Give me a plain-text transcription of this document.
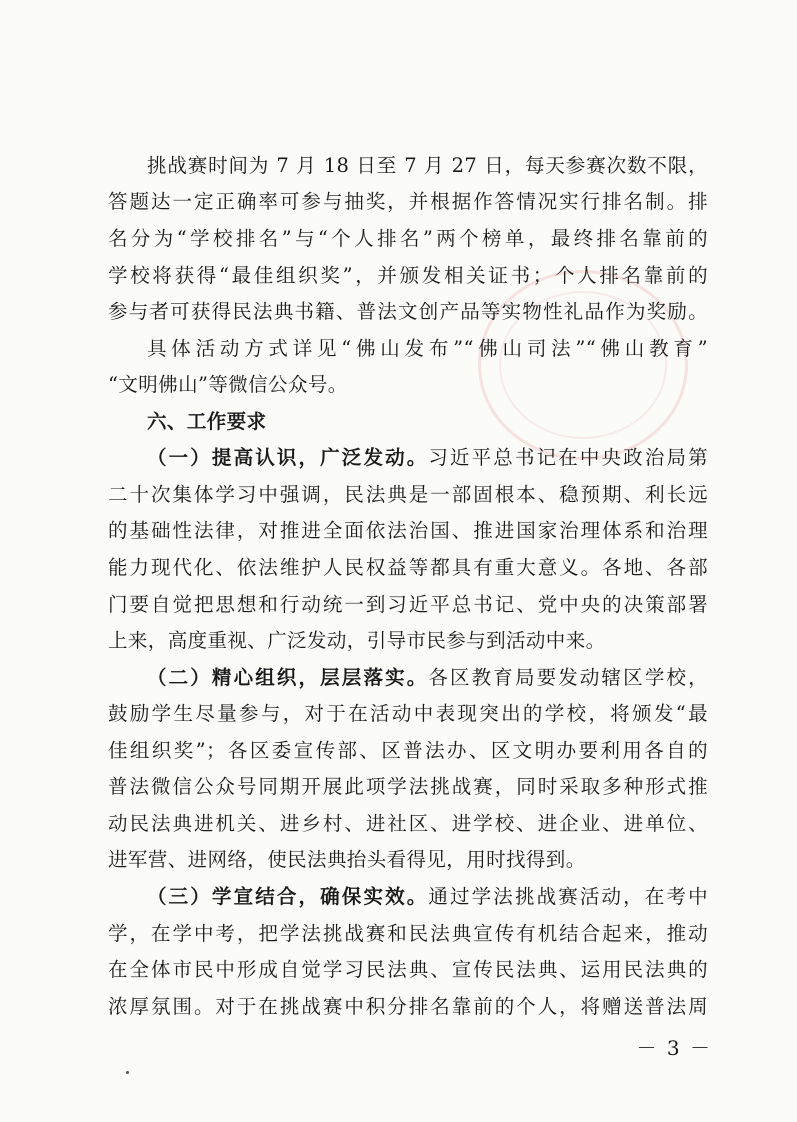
挑战赛时间为 7 月 18 日至 7 月 27 日，每天参赛次数不限，
答题达一定正确率可参与抽奖，并根据作答情况实行排名制。排
名分为“学校排名”与“个人排名”两个榜单，最终排名靠前的
学校将获得“最佳组织奖”，并颁发相关证书；个人排名靠前的
参与者可获得民法典书籍、普法文创产品等实物性礼品作为奖励。
具体活动方式详见“佛山发布”“佛山司法”“佛山教育”
“文明佛山”等微信公众号。
六、工作要求
（一）提高认识，广泛发动。习近平总书记在中央政治局第
二十次集体学习中强调，民法典是一部固根本、稳预期、利长远
的基础性法律，对推进全面依法治国、推进国家治理体系和治理
能力现代化、依法维护人民权益等都具有重大意义。各地、各部
门要自觉把思想和行动统一到习近平总书记、党中央的决策部署
上来，高度重视、广泛发动，引导市民参与到活动中来。
（二）精心组织，层层落实。各区教育局要发动辖区学校，
鼓励学生尽量参与，对于在活动中表现突出的学校，将颁发“最
佳组织奖”；各区委宣传部、区普法办、区文明办要利用各自的
普法微信公众号同期开展此项学法挑战赛，同时采取多种形式推
动民法典进机关、进乡村、进社区、进学校、进企业、进单位、
进军营、进网络，使民法典抬头看得见，用时找得到。
（三）学宣结合，确保实效。通过学法挑战赛活动，在考中
学，在学中考，把学法挑战赛和民法典宣传有机结合起来，推动
在全体市民中形成自觉学习民法典、宣传民法典、运用民法典的
浓厚氛围。对于在挑战赛中积分排名靠前的个人，将赠送普法周
－ 3 －
